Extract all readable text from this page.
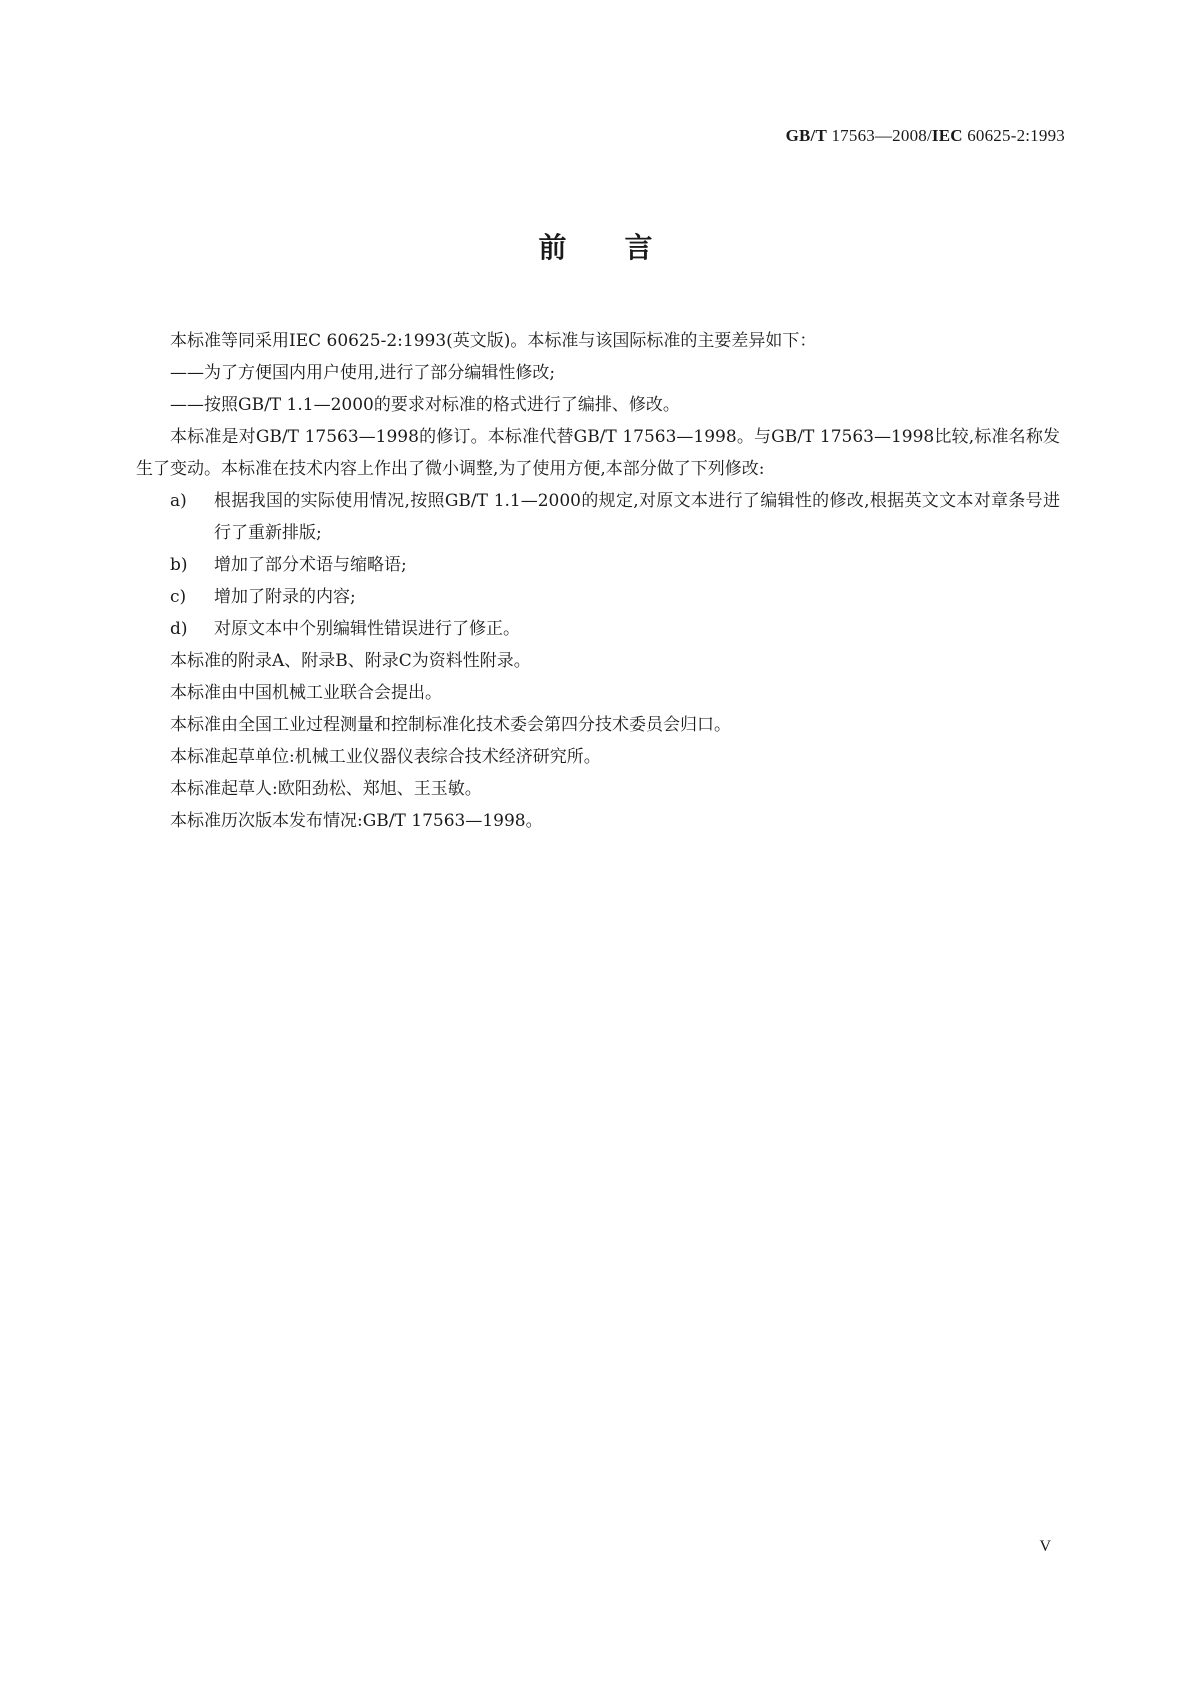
GB/T 17563—2008/IEC 60625-2:1993
前言

本标准等同采用IEC 60625-2:1993(英文版)。本标准与该国际标准的主要差异如下：

——为了方便国内用户使用,进行了部分编辑性修改;

——按照GB/T 1.1—2000的要求对标准的格式进行了编排、修改。

本标准是对GB/T 17563—1998的修订。本标准代替GB/T 17563—1998。与GB/T 17563—1998比较,标准名称发生了变动。本标准在技术内容上作出了微小调整,为了使用方便,本部分做了下列修改:

a)	根据我国的实际使用情况,按照GB/T 1.1—2000的规定,对原文本进行了编辑性的修改,根据英文文本对章条号进行了重新排版;
b)	增加了部分术语与缩略语;
c)	增加了附录的内容;
d)	对原文本中个别编辑性错误进行了修正。

本标准的附录A、附录B、附录C为资料性附录。

本标准由中国机械工业联合会提出。

本标准由全国工业过程测量和控制标准化技术委会第四分技术委员会归口。

本标准起草单位:机械工业仪器仪表综合技术经济研究所。

本标准起草人:欧阳劲松、郑旭、王玉敏。

本标准历次版本发布情况:GB/T 17563—1998。

V
